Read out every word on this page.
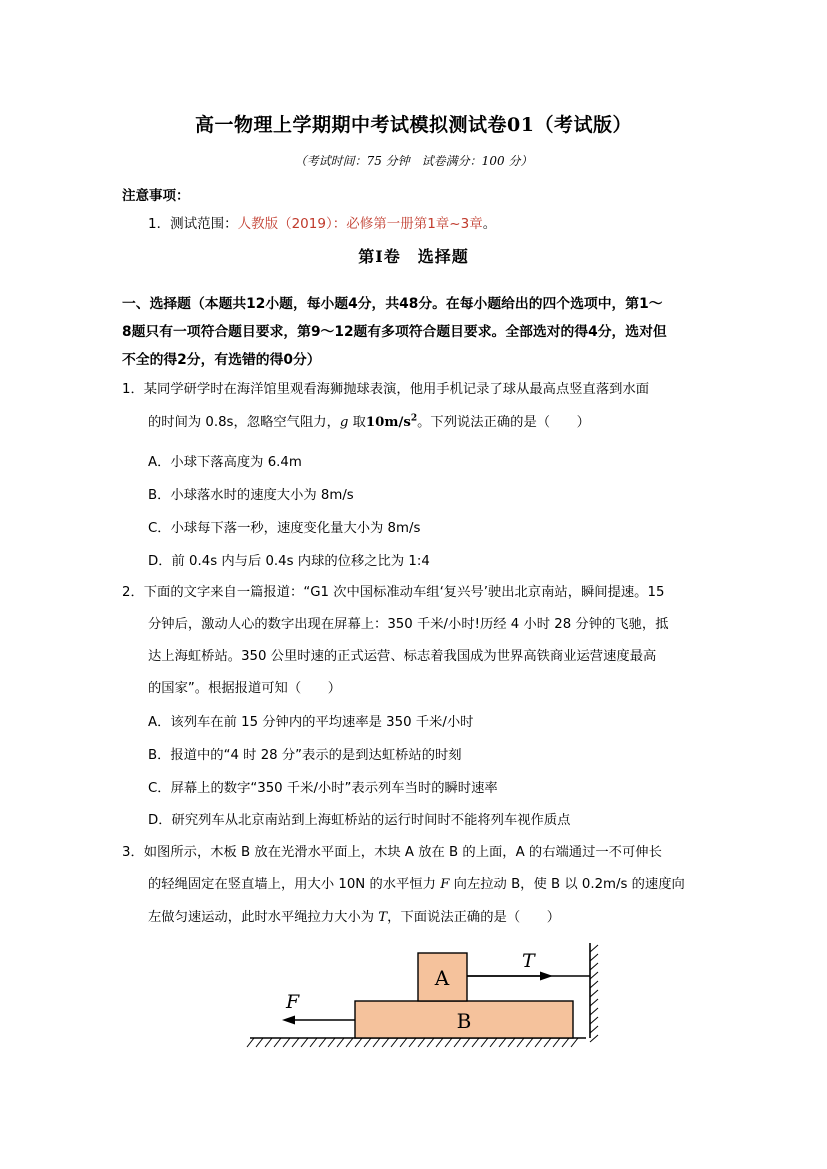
高一物理上学期期中考试模拟测试卷01（考试版）
（考试时间：75 分钟　试卷满分：100 分）
注意事项：
1．测试范围：人教版（2019）：必修第一册第1章~3章。
第Ⅰ卷　选择题
一、选择题（本题共12小题，每小题4分，共48分。在每小题给出的四个选项中，第1～
8题只有一项符合题目要求，第9～12题有多项符合题目要求。全部选对的得4分，选对但
不全的得2分，有选错的得0分）
1．某同学研学时在海洋馆里观看海狮抛球表演，他用手机记录了球从最高点竖直落到水面
的时间为 0.8s，忽略空气阻力，g 取$10m/s^2$。下列说法正确的是（　　）
A．小球下落高度为 6.4m
B．小球落水时的速度大小为 8m/s
C．小球每下落一秒，速度变化量大小为 8m/s
D．前 0.4s 内与后 0.4s 内球的位移之比为 1:4
2．下面的文字来自一篇报道：“G1 次中国标准动车组‘复兴号’驶出北京南站，瞬间提速。15
分钟后，激动人心的数字出现在屏幕上：350 千米/小时!历经 4 小时 28 分钟的飞驰，抵
达上海虹桥站。350 公里时速的正式运营、标志着我国成为世界高铁商业运营速度最高
的国家”。根据报道可知（　　）
A．该列车在前 15 分钟内的平均速率是 350 千米/小时
B．报道中的“4 时 28 分”表示的是到达虹桥站的时刻
C．屏幕上的数字“350 千米/小时”表示列车当时的瞬时速率
D．研究列车从北京南站到上海虹桥站的运行时间时不能将列车视作质点
3．如图所示，木板 B 放在光滑水平面上，木块 A 放在 B 的上面，A 的右端通过一不可伸长
的轻绳固定在竖直墙上，用大小 10N 的水平恒力 F 向左拉动 B，使 B 以 0.2m/s 的速度向
左做匀速运动，此时水平绳拉力大小为 T，下面说法正确的是（　　）
B
A
T
F
